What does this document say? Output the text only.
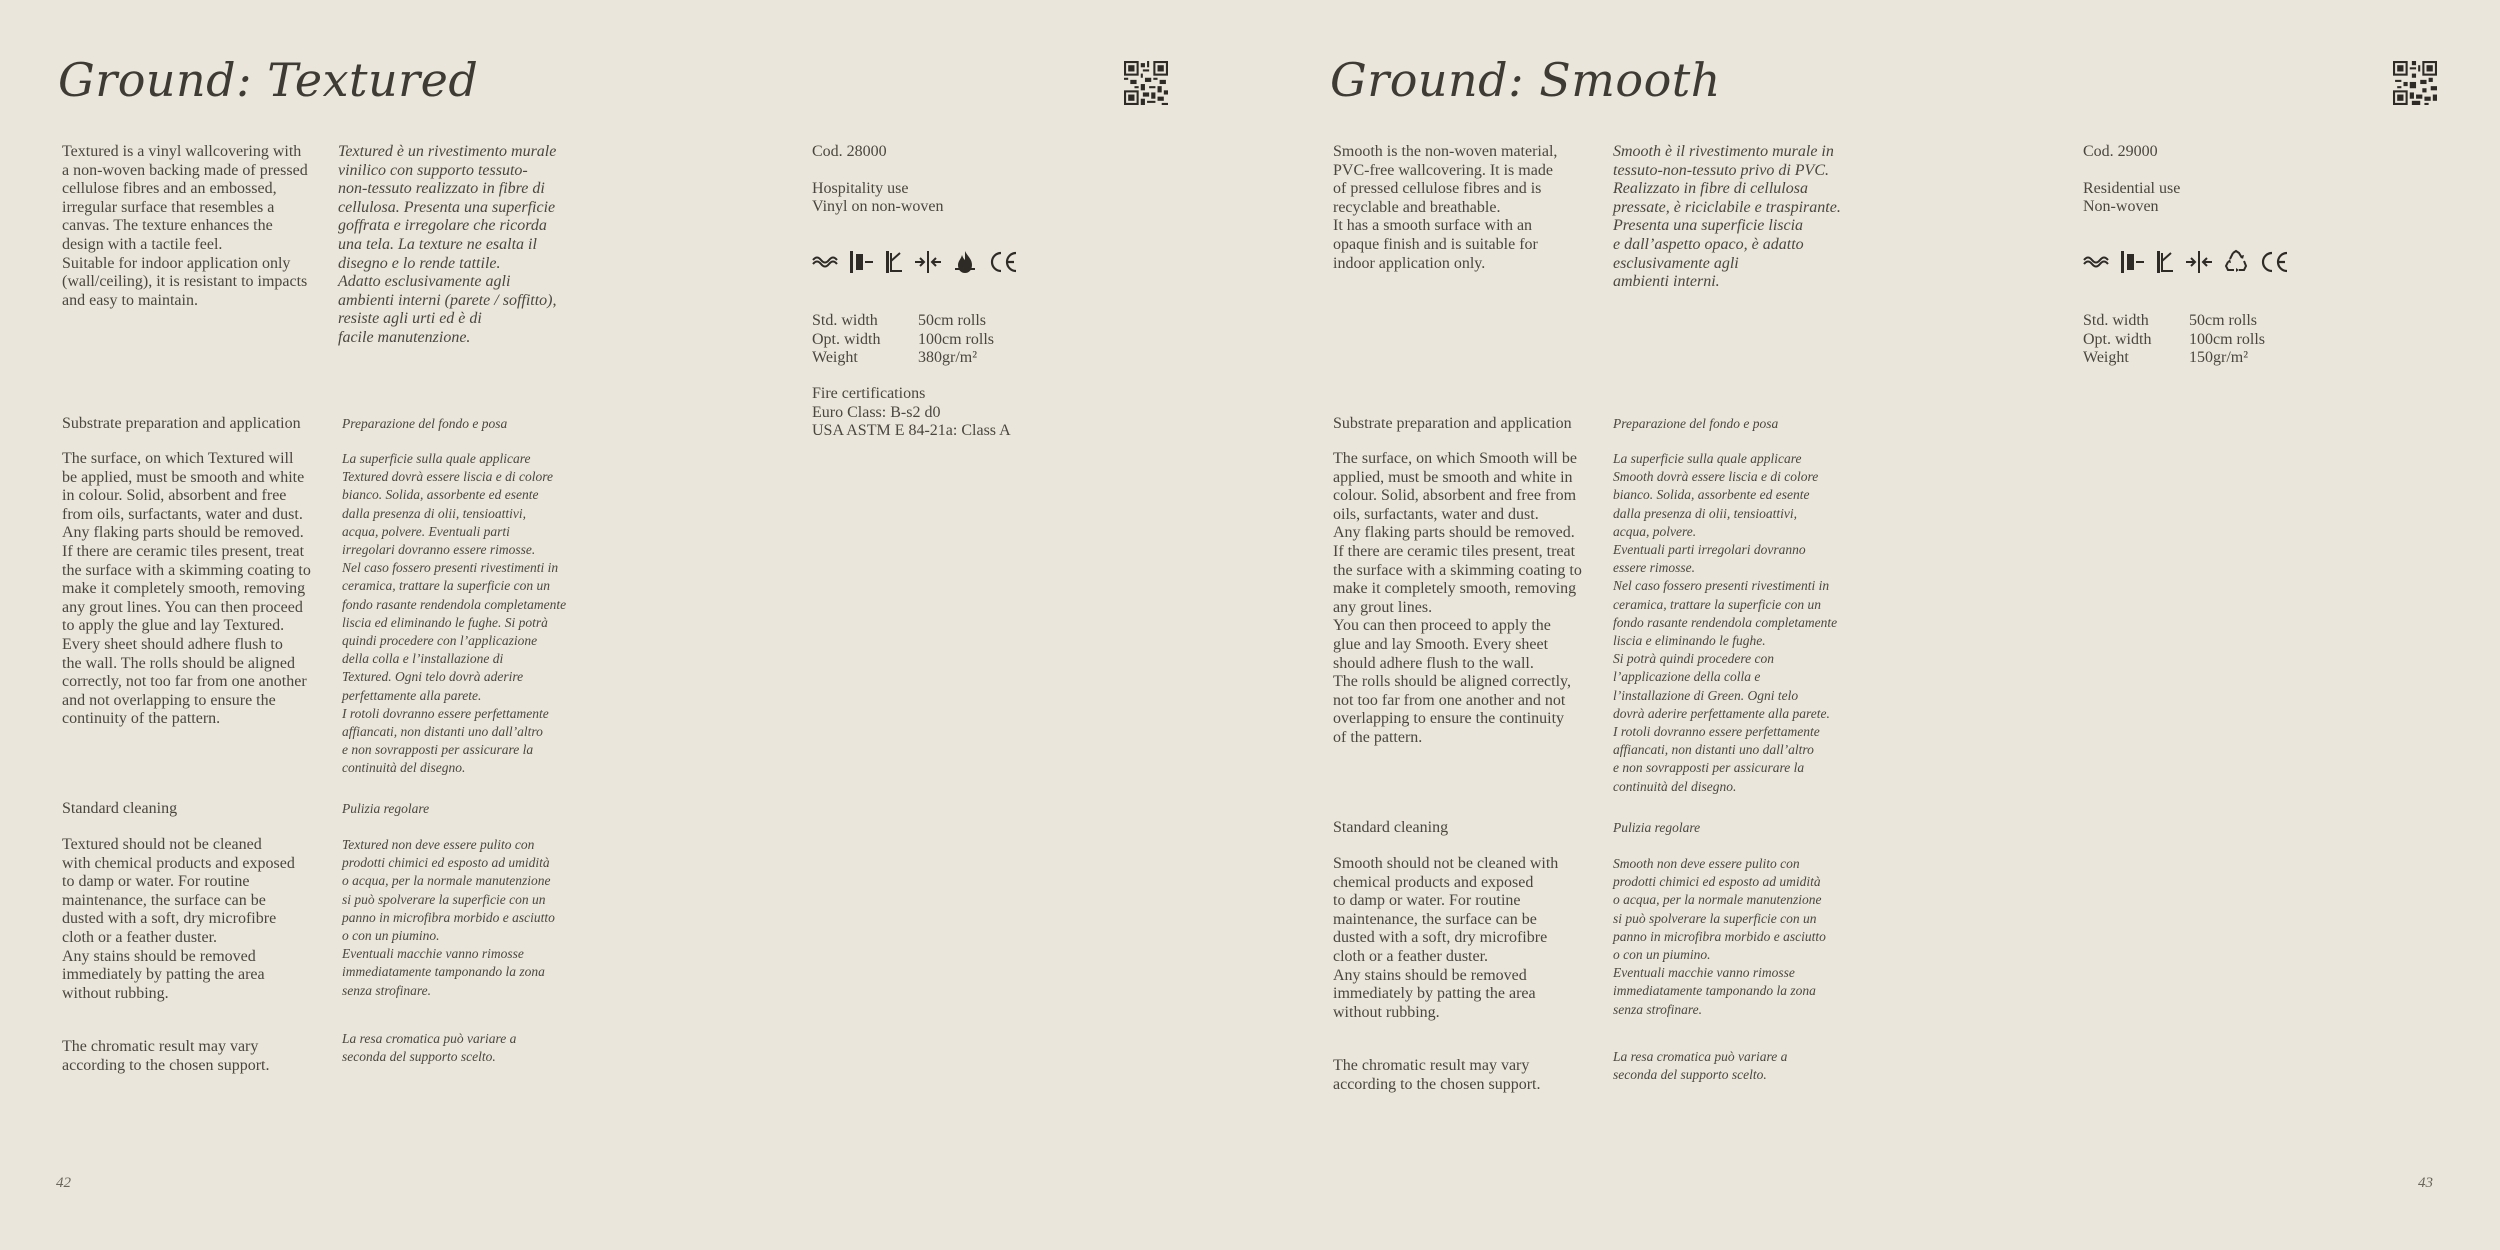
Ground: Textured

Textured is a vinyl wallcovering with
a non-woven backing made of pressed
cellulose fibres and an embossed,
irregular surface that resembles a
canvas. The texture enhances the
design with a tactile feel.
Suitable for indoor application only
(wall/ceiling), it is resistant to impacts
and easy to maintain.

Textured è un rivestimento murale
vinilico con supporto tessuto-
non-tessuto realizzato in fibre di
cellulosa. Presenta una superficie
goffrata e irregolare che ricorda
una tela. La texture ne esalta il
disegno e lo rende tattile.
Adatto esclusivamente agli
ambienti interni (parete / soffitto),
resiste agli urti ed è di
facile manutenzione.

Cod. 28000
Hospitality use
Vinyl on non-woven
Std. width	50cm rolls
Opt. width	100cm rolls
Weight	380gr/m²
Fire certifications
Euro Class: B-s2 d0
USA ASTM E 84-21a: Class A
Substrate preparation and application	Preparazione del fondo e posa

The surface, on which Textured will
be applied, must be smooth and white
in colour. Solid, absorbent and free
from oils, surfactants, water and dust.
Any flaking parts should be removed.
If there are ceramic tiles present, treat
the surface with a skimming coating to
make it completely smooth, removing
any grout lines. You can then proceed
to apply the glue and lay Textured.
Every sheet should adhere flush to
the wall. The rolls should be aligned
correctly, not too far from one another
and not overlapping to ensure the
continuity of the pattern.

La superficie sulla quale applicare
Textured dovrà essere liscia e di colore
bianco. Solida, assorbente ed esente
dalla presenza di olii, tensioattivi,
acqua, polvere. Eventuali parti
irregolari dovranno essere rimosse.
Nel caso fossero presenti rivestimenti in
ceramica, trattare la superficie con un
fondo rasante rendendola completamente
liscia ed eliminando le fughe. Si potrà
quindi procedere con l’applicazione
della colla e l’installazione di
Textured. Ogni telo dovrà aderire
perfettamente alla parete.
I rotoli dovranno essere perfettamente
affiancati, non distanti uno dall’altro
e non sovrapposti per assicurare la
continuità del disegno.

Standard cleaning	Pulizia regolare

Textured should not be cleaned
with chemical products and exposed
to damp or water. For routine
maintenance, the surface can be
dusted with a soft, dry microfibre
cloth or a feather duster.
Any stains should be removed
immediately by patting the area
without rubbing.

Textured non deve essere pulito con
prodotti chimici ed esposto ad umidità
o acqua, per la normale manutenzione
si può spolverare la superficie con un
panno in microfibra morbido e asciutto
o con un piumino.
Eventuali macchie vanno rimosse
immediatamente tamponando la zona
senza strofinare.

The chromatic result may vary
according to the chosen support.

La resa cromatica può variare a
seconda del supporto scelto.

42
Ground: Smooth

Smooth is the non-woven material,
PVC-free wallcovering. It is made
of pressed cellulose fibres and is
recyclable and breathable.
It has a smooth surface with an
opaque finish and is suitable for
indoor application only.

Smooth è il rivestimento murale in
tessuto-non-tessuto privo di PVC.
Realizzato in fibre di cellulosa
pressate, è riciclabile e traspirante.
Presenta una superficie liscia
e dall’aspetto opaco, è adatto
esclusivamente agli
ambienti interni.

Cod. 29000
Residential use
Non-woven
Std. width	50cm rolls
Opt. width	100cm rolls
Weight	150gr/m²
Substrate preparation and application	Preparazione del fondo e posa

The surface, on which Smooth will be
applied, must be smooth and white in
colour. Solid, absorbent and free from
oils, surfactants, water and dust.
Any flaking parts should be removed.
If there are ceramic tiles present, treat
the surface with a skimming coating to
make it completely smooth, removing
any grout lines.
You can then proceed to apply the
glue and lay Smooth. Every sheet
should adhere flush to the wall.
The rolls should be aligned correctly,
not too far from one another and not
overlapping to ensure the continuity
of the pattern.

La superficie sulla quale applicare
Smooth dovrà essere liscia e di colore
bianco. Solida, assorbente ed esente
dalla presenza di olii, tensioattivi,
acqua, polvere.
Eventuali parti irregolari dovranno
essere rimosse.
Nel caso fossero presenti rivestimenti in
ceramica, trattare la superficie con un
fondo rasante rendendola completamente
liscia e eliminando le fughe.
Si potrà quindi procedere con
l’applicazione della colla e
l’installazione di Green. Ogni telo
dovrà aderire perfettamente alla parete.
I rotoli dovranno essere perfettamente
affiancati, non distanti uno dall’altro
e non sovrapposti per assicurare la
continuità del disegno.

Standard cleaning	Pulizia regolare

Smooth should not be cleaned with
chemical products and exposed
to damp or water. For routine
maintenance, the surface can be
dusted with a soft, dry microfibre
cloth or a feather duster.
Any stains should be removed
immediately by patting the area
without rubbing.

Smooth non deve essere pulito con
prodotti chimici ed esposto ad umidità
o acqua, per la normale manutenzione
si può spolverare la superficie con un
panno in microfibra morbido e asciutto
o con un piumino.
Eventuali macchie vanno rimosse
immediatamente tamponando la zona
senza strofinare.

The chromatic result may vary
according to the chosen support.

La resa cromatica può variare a
seconda del supporto scelto.

43
